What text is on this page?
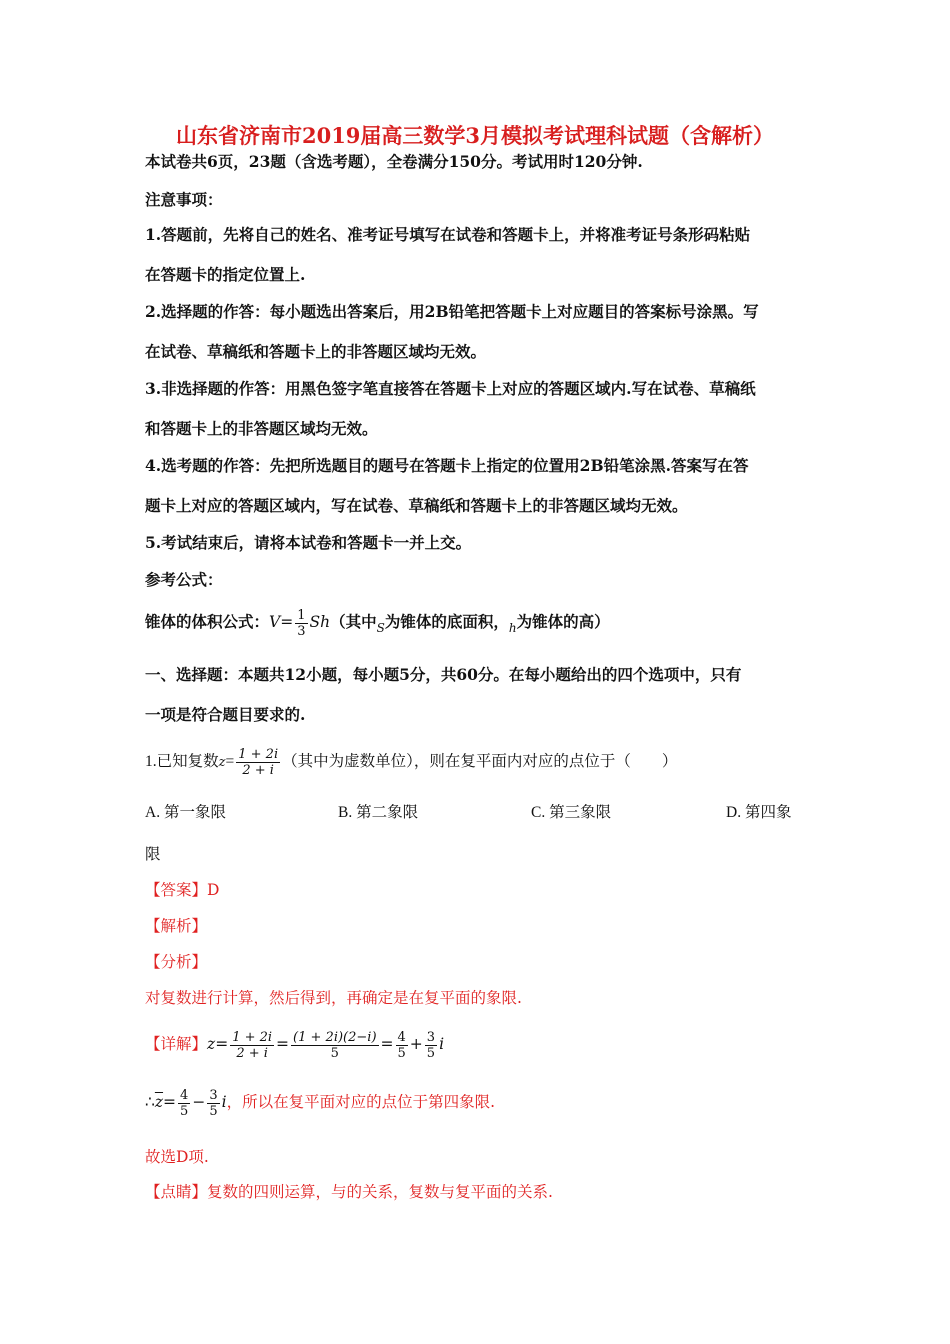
山东省济南市2019届高三数学3月模拟考试理科试题（含解析）
本试卷共6页，23题（含选考题），全卷满分150分。考试用时120分钟.
注意事项：
1.答题前，先将自己的姓名、准考证号填写在试卷和答题卡上，并将准考证号条形码粘贴
在答题卡的指定位置上.
2.选择题的作答：每小题选出答案后，用2B铅笔把答题卡上对应题目的答案标号涂黑。写
在试卷、草稿纸和答题卡上的非答题区域均无效。
3.非选择题的作答：用黑色签字笔直接答在答题卡上对应的答题区域内.写在试卷、草稿纸
和答题卡上的非答题区域均无效。
4.选考题的作答：先把所选题目的题号在答题卡上指定的位置用2B铅笔涂黑.答案写在答
题卡上对应的答题区域内，写在试卷、草稿纸和答题卡上的非答题区域均无效。
5.考试结束后，请将本试卷和答题卡一并上交。
参考公式：
锥体的体积公式：$V= \frac{1}{3} Sh$（其中$_S$为锥体的底面积，$_h$为锥体的高）
一、选择题：本题共12小题，每小题5分，共60分。在每小题给出的四个选项中，只有
一项是符合题目要求的.
1.已知复数$z= \frac{1 + 2i}{2 + i}$ （其中为虚数单位），则在复平面内对应的点位于（　　）
A. 第一象限	B. 第二象限	C. 第三象限	D. 第四象
限
【答案】D
【解析】
【分析】
对复数进行计算，然后得到，再确定是在复平面的象限.
【详解】$z= \frac{1 + 2i}{2 + i} = \frac{(1 + 2i)(2-i)}{5} = \frac{4}{5} + \frac{3}{5}$ i
$\therefore\overline{z}= \frac{4}{5} - \frac{3}{5}$ i，所以在复平面对应的点位于第四象限.
故选D项.
【点睛】复数的四则运算，与的关系，复数与复平面的关系.
